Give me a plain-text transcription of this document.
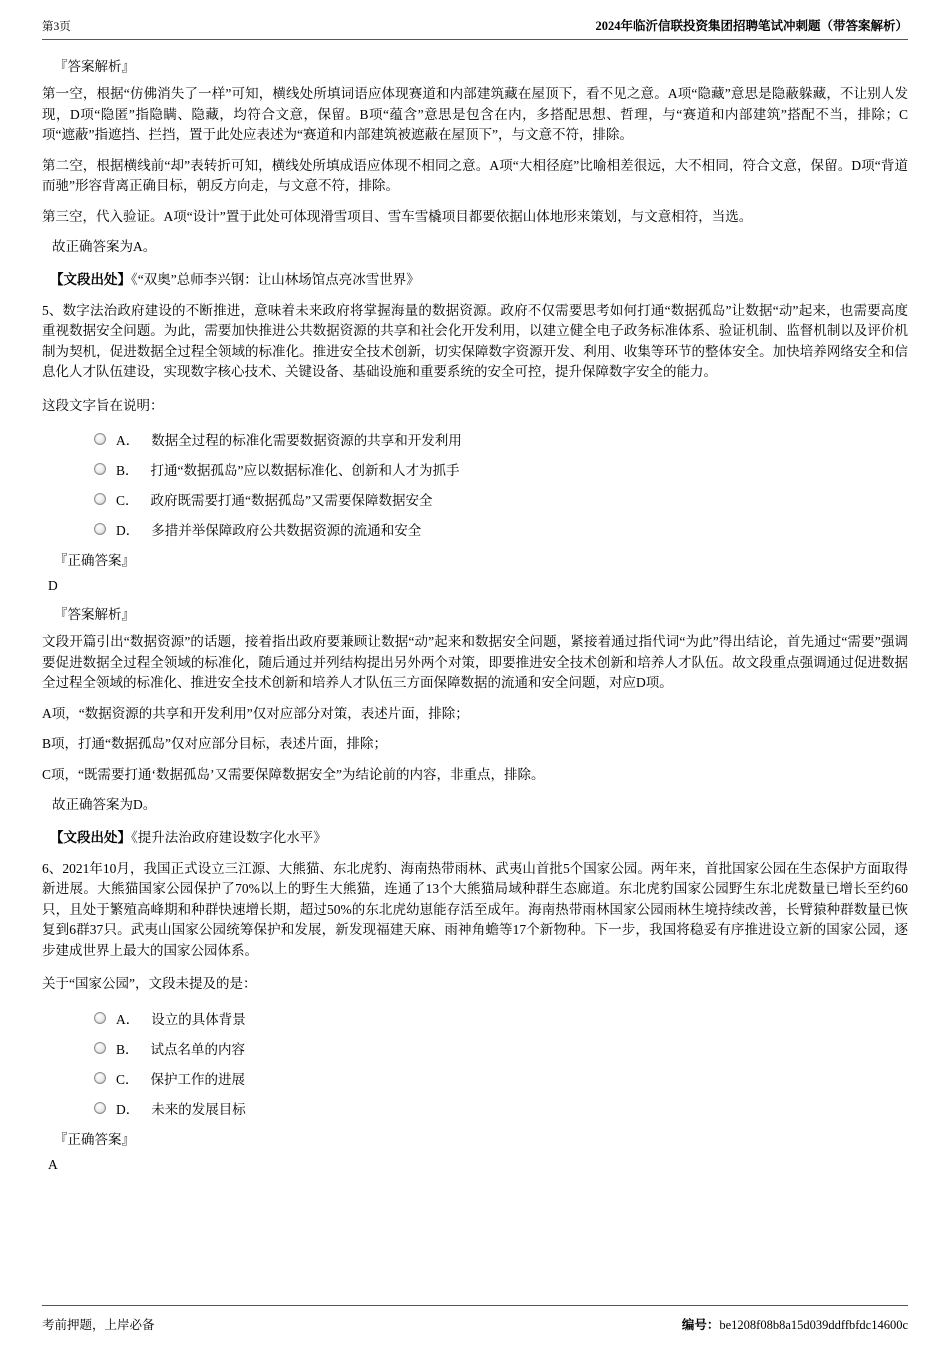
第3页	2024年临沂信联投资集团招聘笔试冲刺题（带答案解析）
『答案解析』

第一空，根据“仿佛消失了一样”可知，横线处所填词语应体现赛道和内部建筑藏在屋顶下，看不见之意。A项“隐藏”意思是隐蔽躲藏，不让别人发现，D项“隐匿”指隐瞒、隐藏，均符合文意，保留。B项“蕴含”意思是包含在内，多搭配思想、哲理，与“赛道和内部建筑”搭配不当，排除；C项“遮蔽”指遮挡、拦挡，置于此处应表述为“赛道和内部建筑被遮蔽在屋顶下”，与文意不符，排除。

第二空，根据横线前“却”表转折可知，横线处所填成语应体现不相同之意。A项“大相径庭”比喻相差很远，大不相同，符合文意，保留。D项“背道而驰”形容背离正确目标，朝反方向走，与文意不符，排除。

第三空，代入验证。A项“设计”置于此处可体现滑雪项目、雪车雪橇项目都要依据山体地形来策划，与文意相符，当选。

故正确答案为A。

【文段出处】《“双奥”总师李兴钢：让山林场馆点亮冰雪世界》

5、数字法治政府建设的不断推进，意味着未来政府将掌握海量的数据资源。政府不仅需要思考如何打通“数据孤岛”让数据“动”起来，也需要高度重视数据安全问题。为此，需要加快推进公共数据资源的共享和社会化开发利用，以建立健全电子政务标准体系、验证机制、监督机制以及评价机制为契机，促进数据全过程全领域的标准化。推进安全技术创新，切实保障数字资源开发、利用、收集等环节的整体安全。加快培养网络安全和信息化人才队伍建设，实现数字核心技术、关键设备、基础设施和重要系统的安全可控，提升保障数字安全的能力。

这段文字旨在说明：

A． 数据全过程的标准化需要数据资源的共享和开发利用
B． 打通“数据孤岛”应以数据标准化、创新和人才为抓手
C． 政府既需要打通“数据孤岛”又需要保障数据安全
D． 多措并举保障政府公共数据资源的流通和安全
『正确答案』
D
『答案解析』

文段开篇引出“数据资源”的话题，接着指出政府要兼顾让数据“动”起来和数据安全问题，紧接着通过指代词“为此”得出结论，首先通过“需要”强调要促进数据全过程全领域的标准化，随后通过并列结构提出另外两个对策，即要推进安全技术创新和培养人才队伍。故文段重点强调通过促进数据全过程全领域的标准化、推进安全技术创新和培养人才队伍三方面保障数据的流通和安全问题，对应D项。

A项，“数据资源的共享和开发利用”仅对应部分对策，表述片面，排除；

B项，打通“数据孤岛”仅对应部分目标，表述片面，排除；

C项，“既需要打通‘数据孤岛’又需要保障数据安全”为结论前的内容，非重点，排除。

故正确答案为D。

【文段出处】《提升法治政府建设数字化水平》

6、2021年10月，我国正式设立三江源、大熊猫、东北虎豹、海南热带雨林、武夷山首批5个国家公园。两年来，首批国家公园在生态保护方面取得新进展。大熊猫国家公园保护了70%以上的野生大熊猫，连通了13个大熊猫局域种群生态廊道。东北虎豹国家公园野生东北虎数量已增长至约60只，且处于繁殖高峰期和种群快速增长期，超过50%的东北虎幼崽能存活至成年。海南热带雨林国家公园雨林生境持续改善，长臂猿种群数量已恢复到6群37只。武夷山国家公园统筹保护和发展，新发现福建天麻、雨神角蟾等17个新物种。下一步，我国将稳妥有序推进设立新的国家公园，逐步建成世界上最大的国家公园体系。

关于“国家公园”，文段未提及的是：

A． 设立的具体背景
B． 试点名单的内容
C． 保护工作的进展
D． 未来的发展目标
『正确答案』
A
考前押题，上岸必备	编号：be1208f08b8a15d039ddffbfdc14600c
